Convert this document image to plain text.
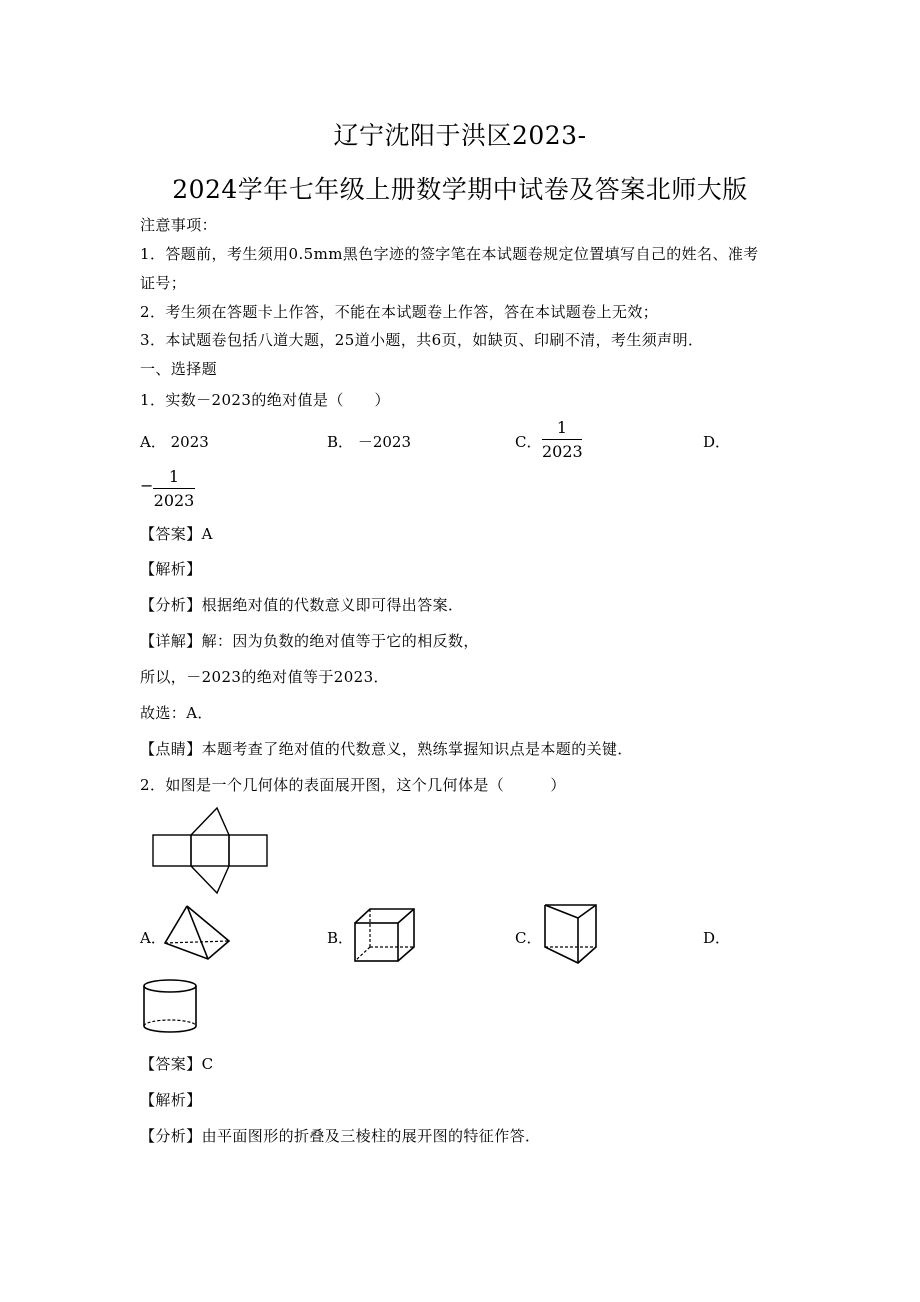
辽宁沈阳于洪区2023-
2024学年七年级上册数学期中试卷及答案北师大版
注意事项：
1．答题前，考生须用0.5mm黑色字迹的签字笔在本试题卷规定位置填写自己的姓名、准考
证号；
2．考生须在答题卡上作答，不能在本试题卷上作答，答在本试题卷上无效；
3．本试题卷包括八道大题，25道小题，共6页，如缺页、印刷不清，考生须声明．
一、选择题
1．实数－2023的绝对值是（　　）
A． 2023	B． －2023	C． $\frac{1}{2023}$	D．
− $\frac{1}{2023}$
【答案】A
【解析】
【分析】根据绝对值的代数意义即可得出答案．
【详解】解：因为负数的绝对值等于它的相反数，
所以，－2023的绝对值等于2023．
故选：A．
【点睛】本题考查了绝对值的代数意义，熟练掌握知识点是本题的关键．
2．如图是一个几何体的表面展开图，这个几何体是（　　　）
A．	B．	C．	D．
【答案】C
【解析】
【分析】由平面图形的折叠及三棱柱的展开图的特征作答．
